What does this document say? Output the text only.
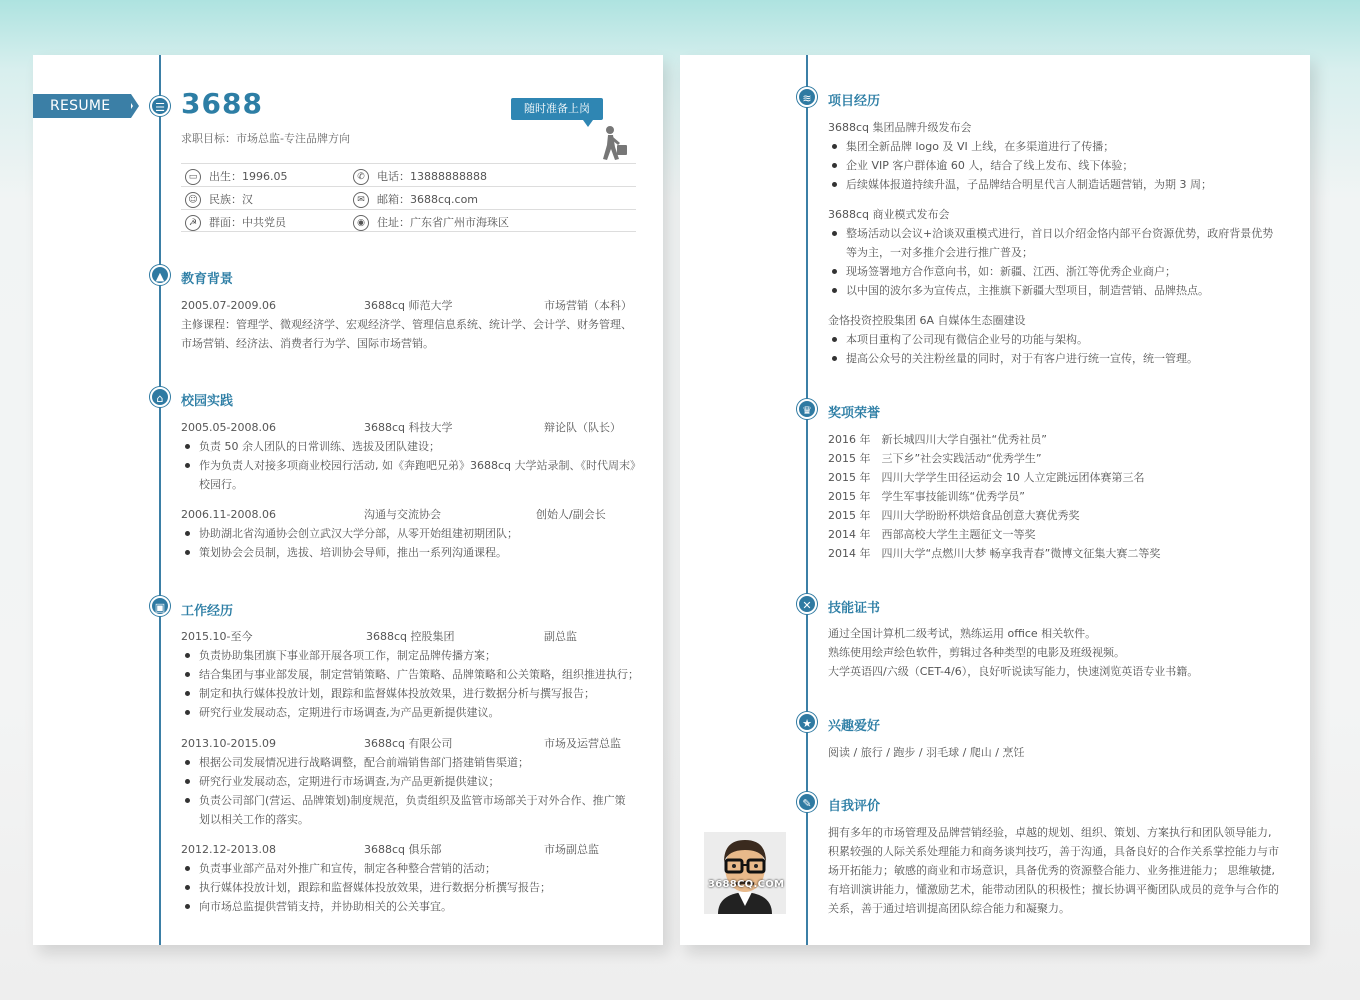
RESUME	☰ 3688
求职目标：市场总监-专注品牌方向
随时准备上岗
▭ 出生：1996.05	✆ 电话：13888888888
☺ 民族：汉	✉ 邮箱：3688cq.com
☭ 群面：中共党员	◉ 住址：广东省广州市海珠区
▲	教育背景
2005.07-2009.06	3688cq 师范大学	市场营销（本科）
主修课程：管理学、微观经济学、宏观经济学、管理信息系统、统计学、会计学、财务管理、
市场营销、经济法、消费者行为学、国际市场营销。
⌂	校园实践
2005.05-2008.06	3688cq 科技大学	辩论队（队长）
负责 50 余人团队的日常训练、选拔及团队建设；
作为负责人对接多项商业校园行活动, 如《奔跑吧兄弟》3688cq 大学站录制、《时代周末》
校园行。
2006.11-2008.06	沟通与交流协会	创始人/副会长
协助湖北省沟通协会创立武汉大学分部，从零开始组建初期团队；
策划协会会员制，选拔、培训协会导师，推出一系列沟通课程。
▣	工作经历
2015.10-至今	3688cq 控股集团	副总监
负责协助集团旗下事业部开展各项工作，制定品牌传播方案；
结合集团与事业部发展，制定营销策略、广告策略、品牌策略和公关策略，组织推进执行；
制定和执行媒体投放计划，跟踪和监督媒体投放效果，进行数据分析与撰写报告；
研究行业发展动态，定期进行市场调查,为产品更新提供建议。
2013.10-2015.09	3688cq 有限公司	市场及运营总监
根据公司发展情况进行战略调整，配合前端销售部门搭建销售渠道；
研究行业发展动态，定期进行市场调查,为产品更新提供建议；
负责公司部门(营运、品牌策划)制度规范，负责组织及监管市场部关于对外合作、推广策
划以相关工作的落实。
2012.12-2013.08	3688cq 俱乐部	市场副总监
负责事业部产品对外推广和宣传，制定各种整合营销的活动；
执行媒体投放计划，跟踪和监督媒体投放效果，进行数据分析撰写报告；
向市场总监提供营销支持，并协助相关的公关事宜。
≋	项目经历
3688cq 集团品牌升级发布会
集团全新品牌 logo 及 VI 上线，在多渠道进行了传播；
企业 VIP 客户群体逾 60 人，结合了线上发布、线下体验；
后续媒体报道持续升温，子品牌结合明星代言人制造话题营销，为期 3 周；
3688cq 商业模式发布会
整场活动以会议+洽谈双重模式进行，首日以介绍金恪内部平台资源优势，政府背景优势
等为主，一对多推介会进行推广普及；
现场签署地方合作意向书，如：新疆、江西、浙江等优秀企业商户；
以中国的波尔多为宣传点，主推旗下新疆大型项目，制造营销、品牌热点。
金恪投资控股集团 6A 自媒体生态圈建设
本项目重构了公司现有微信企业号的功能与架构。
提高公众号的关注粉丝量的同时，对于有客户进行统一宣传，统一管理。
♛	奖项荣誉
2016 年　新长城四川大学自强社“优秀社员”
2015 年　三下乡”社会实践活动“优秀学生”
2015 年　四川大学学生田径运动会 10 人立定跳远团体赛第三名
2015 年　学生军事技能训练“优秀学员”
2015 年　四川大学盼盼杯烘焙食品创意大赛优秀奖
2014 年　西部高校大学生主题征文一等奖
2014 年　四川大学“点燃川大梦 畅享我青春”微博文征集大赛二等奖
✕	技能证书
通过全国计算机二级考试，熟练运用 office 相关软件。
熟练使用绘声绘色软件，剪辑过各种类型的电影及班级视频。
大学英语四/六级（CET-4/6），良好听说读写能力，快速浏览英语专业书籍。
★	兴趣爱好
阅读 / 旅行 / 跑步 / 羽毛球 / 爬山 / 烹饪
✎	自我评价
拥有多年的市场管理及品牌营销经验，卓越的规划、组织、策划、方案执行和团队领导能力,
积累较强的人际关系处理能力和商务谈判技巧，善于沟通，具备良好的合作关系掌控能力与市
场开拓能力；敏感的商业和市场意识，具备优秀的资源整合能力、业务推进能力； 思维敏捷,
有培训演讲能力，懂激励艺术，能带动团队的积极性；擅长协调平衡团队成员的竞争与合作的
关系，善于通过培训提高团队综合能力和凝聚力。
3688CQ.COM
